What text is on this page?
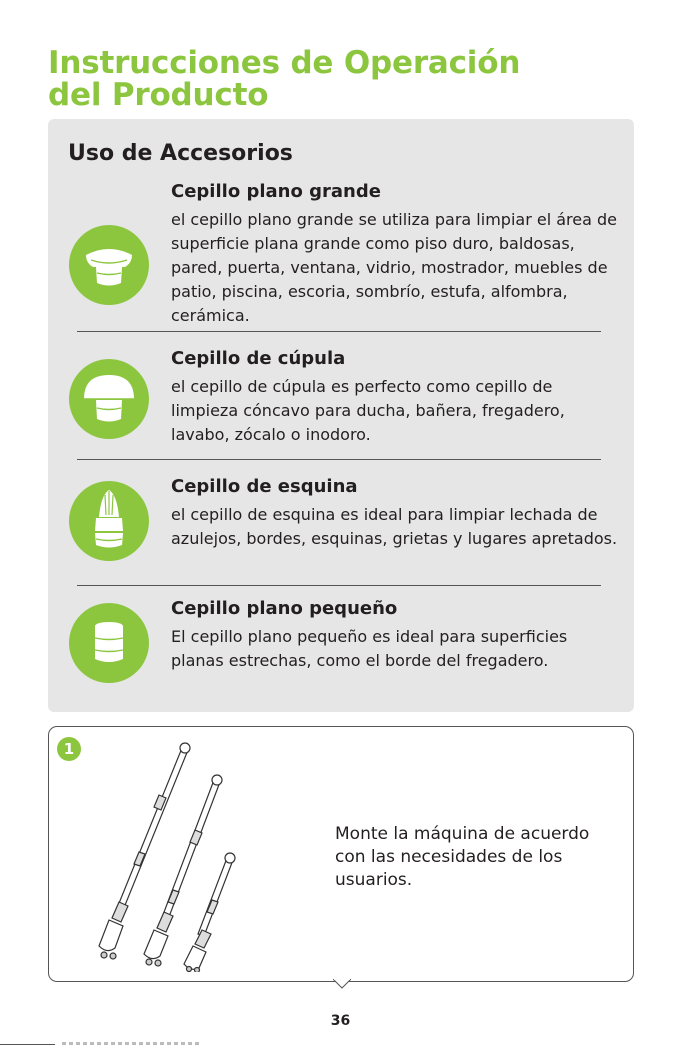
Instrucciones de Operación
del Producto
Uso de Accesorios
Cepillo plano grande

el cepillo plano grande se utiliza para limpiar el área de superficie plana grande como piso duro, baldosas, pared, puerta, ventana, vidrio, mostrador, muebles de patio, piscina, escoria, sombrío, estufa, alfombra, cerámica.

Cepillo de cúpula

el cepillo de cúpula es perfecto como cepillo de limpieza cóncavo para ducha, bañera, fregadero, lavabo, zócalo o inodoro.

Cepillo de esquina

el cepillo de esquina es ideal para limpiar lechada de azulejos, bordes, esquinas, grietas y lugares apretados.

Cepillo plano pequeño

El cepillo plano pequeño es ideal para superficies planas estrechas, como el borde del fregadero.

1

Monte la máquina de acuerdo con las necesidades de los usuarios.

36
